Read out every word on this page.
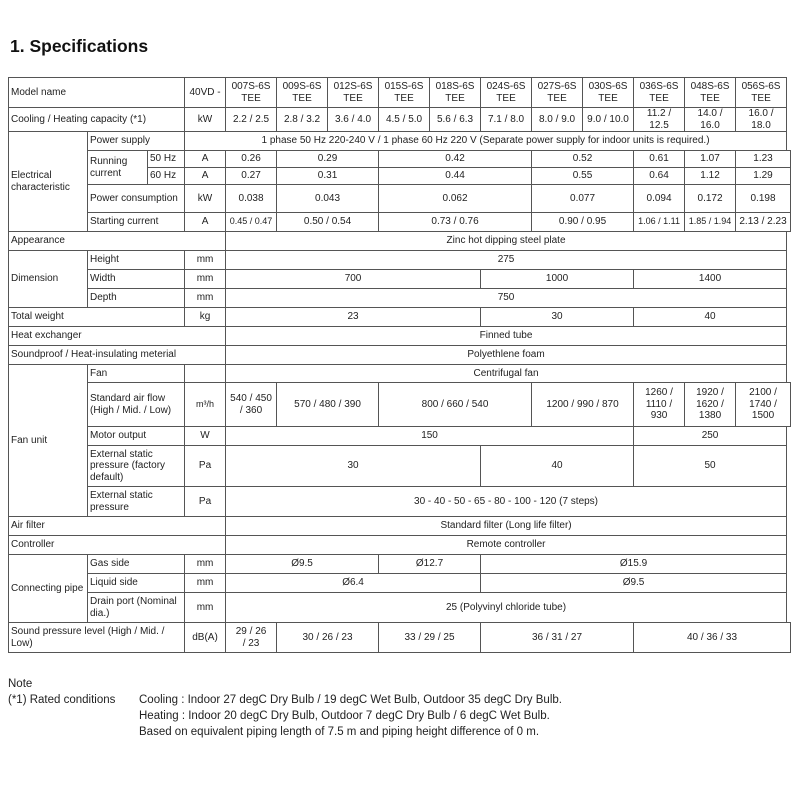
1. Specifications
Model name			40VD -	007S-6S TEE	009S-6S TEE	012S-6S TEE	015S-6S TEE	018S-6S TEE	024S-6S TEE	027S-6S TEE	030S-6S TEE	036S-6S TEE	048S-6S TEE	056S-6S TEE
Cooling / Heating capacity (*1)			kW	2.2 / 2.5	2.8 / 3.2	3.6 / 4.0	4.5 / 5.0	5.6 / 6.3	7.1 / 8.0	8.0 / 9.0	9.0 / 10.0	11.2 / 12.5	14.0 / 16.0	16.0 / 18.0
Electrical characteristic	Power supply		1 phase 50 Hz 220-240 V / 1 phase 60 Hz 220 V (Separate power supply for indoor units is required.)											
	Running current	50 Hz	A	0.26	0.29		0.42			0.52		0.61	1.07	1.23
		60 Hz	A	0.27	0.31		0.44			0.55		0.64	1.12	1.29
	Power consumption		kW	0.038	0.043		0.062			0.077		0.094	0.172	0.198
	Starting current		A	0.45 / 0.47	0.50 / 0.54		0.73 / 0.76			0.90 / 0.95		1.06 / 1.11	1.85 / 1.94	2.13 / 2.23
Appearance				Zinc hot dipping steel plate										
Dimension	Height		mm	275										
	Width		mm	700					1000			1400		
	Depth		mm	750										
Total weight			kg	23					30			40		
Heat exchanger				Finned tube										
Soundproof / Heat-insulating meterial				Polyethlene foam										
Fan unit	Fan			Centrifugal fan										
	Standard air flow (High / Mid. / Low)		m³/h	540 / 450 / 360	570 / 480 / 390		800 / 660 / 540			1200 / 990 / 870		1260 / 1110 / 930	1920 / 1620 / 1380	2100 / 1740 / 1500
	Motor output		W	150								250		
	External static pressure (factory default)		Pa	30					40			50		
	External static pressure		Pa	30 - 40 - 50 - 65 - 80 - 100 - 120 (7 steps)										
Air filter				Standard filter (Long life filter)										
Controller				Remote controller										
Connecting pipe	Gas side		mm	Ø9.5			Ø12.7		Ø15.9					
	Liquid side		mm	Ø6.4					Ø9.5					
	Drain port (Nominal dia.)		mm	25 (Polyvinyl chloride tube)										
Sound pressure level (High / Mid. / Low)			dB(A)	29 / 26 / 23	30 / 26 / 23		33 / 29 / 25		36 / 31 / 27			40 / 36 / 33		
Note
(*1) Rated conditions Cooling : Indoor 27 degC Dry Bulb / 19 degC Wet Bulb, Outdoor 35 degC Dry Bulb.
Heating : Indoor 20 degC Dry Bulb, Outdoor 7 degC Dry Bulb / 6 degC Wet Bulb.
Based on equivalent piping length of 7.5 m and piping height difference of 0 m.
